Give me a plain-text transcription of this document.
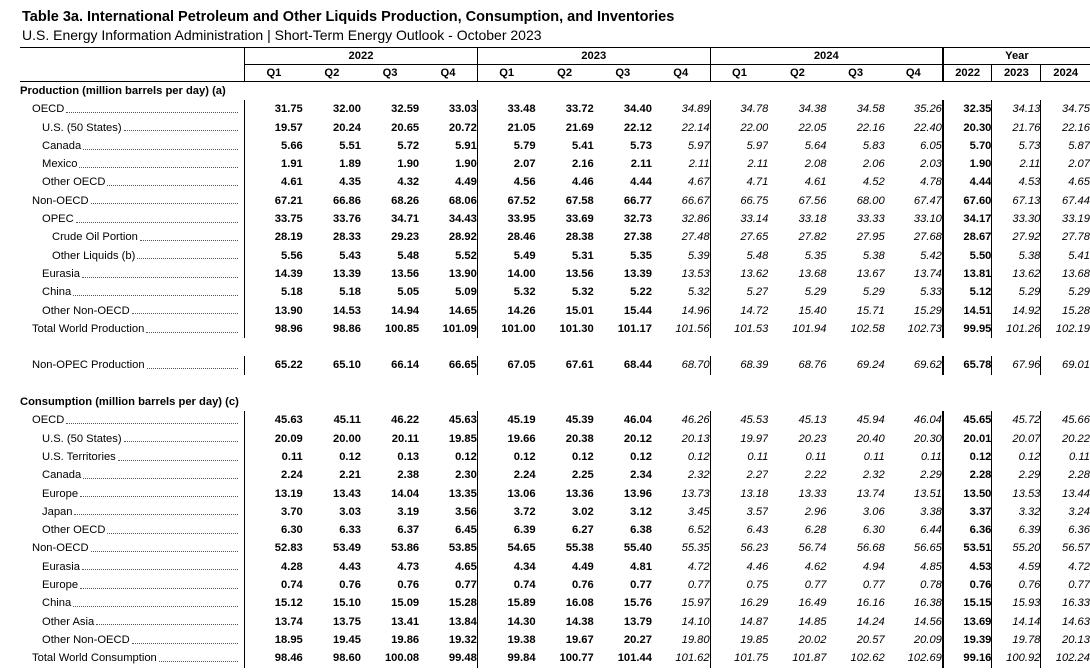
Table 3a. International Petroleum and Other Liquids Production, Consumption, and Inventories
U.S. Energy Information Administration | Short-Term Energy Outlook - October 2023
	2022				2023				2024				Year		
	Q1	Q2	Q3	Q4	Q1	Q2	Q3	Q4	Q1	Q2	Q3	Q4	2022	2023	2024
Production (million barrels per day) (a)															

OECD	31.75	32.00	32.59	33.03	33.48	33.72	34.40	34.89	34.78	34.38	34.58	35.26	32.35	34.13	34.75

U.S. (50 States)	19.57	20.24	20.65	20.72	21.05	21.69	22.12	22.14	22.00	22.05	22.16	22.40	20.30	21.76	22.16

Canada	5.66	5.51	5.72	5.91	5.79	5.41	5.73	5.97	5.97	5.64	5.83	6.05	5.70	5.73	5.87

Mexico	1.91	1.89	1.90	1.90	2.07	2.16	2.11	2.11	2.11	2.08	2.06	2.03	1.90	2.11	2.07

Other OECD	4.61	4.35	4.32	4.49	4.56	4.46	4.44	4.67	4.71	4.61	4.52	4.78	4.44	4.53	4.65

Non-OECD	67.21	66.86	68.26	68.06	67.52	67.58	66.77	66.67	66.75	67.56	68.00	67.47	67.60	67.13	67.44

OPEC	33.75	33.76	34.71	34.43	33.95	33.69	32.73	32.86	33.14	33.18	33.33	33.10	34.17	33.30	33.19

Crude Oil Portion	28.19	28.33	29.23	28.92	28.46	28.38	27.38	27.48	27.65	27.82	27.95	27.68	28.67	27.92	27.78

Other Liquids (b)	5.56	5.43	5.48	5.52	5.49	5.31	5.35	5.39	5.48	5.35	5.38	5.42	5.50	5.38	5.41

Eurasia	14.39	13.39	13.56	13.90	14.00	13.56	13.39	13.53	13.62	13.68	13.67	13.74	13.81	13.62	13.68

China	5.18	5.18	5.05	5.09	5.32	5.32	5.22	5.32	5.27	5.29	5.29	5.33	5.12	5.29	5.29

Other Non-OECD	13.90	14.53	14.94	14.65	14.26	15.01	15.44	14.96	14.72	15.40	15.71	15.29	14.51	14.92	15.28

Total World Production	98.96	98.86	100.85	101.09	101.00	101.30	101.17	101.56	101.53	101.94	102.58	102.73	99.95	101.26	102.19

Non-OPEC Production	65.22	65.10	66.14	66.65	67.05	67.61	68.44	68.70	68.39	68.76	69.24	69.62	65.78	67.96	69.01

Consumption (million barrels per day) (c)															

OECD	45.63	45.11	46.22	45.63	45.19	45.39	46.04	46.26	45.53	45.13	45.94	46.04	45.65	45.72	45.66

U.S. (50 States)	20.09	20.00	20.11	19.85	19.66	20.38	20.12	20.13	19.97	20.23	20.40	20.30	20.01	20.07	20.22

U.S. Territories	0.11	0.12	0.13	0.12	0.12	0.12	0.12	0.12	0.11	0.11	0.11	0.11	0.12	0.12	0.11

Canada	2.24	2.21	2.38	2.30	2.24	2.25	2.34	2.32	2.27	2.22	2.32	2.29	2.28	2.29	2.28

Europe	13.19	13.43	14.04	13.35	13.06	13.36	13.96	13.73	13.18	13.33	13.74	13.51	13.50	13.53	13.44

Japan	3.70	3.03	3.19	3.56	3.72	3.02	3.12	3.45	3.57	2.96	3.06	3.38	3.37	3.32	3.24

Other OECD	6.30	6.33	6.37	6.45	6.39	6.27	6.38	6.52	6.43	6.28	6.30	6.44	6.36	6.39	6.36

Non-OECD	52.83	53.49	53.86	53.85	54.65	55.38	55.40	55.35	56.23	56.74	56.68	56.65	53.51	55.20	56.57

Eurasia	4.28	4.43	4.73	4.65	4.34	4.49	4.81	4.72	4.46	4.62	4.94	4.85	4.53	4.59	4.72

Europe	0.74	0.76	0.76	0.77	0.74	0.76	0.77	0.77	0.75	0.77	0.77	0.78	0.76	0.76	0.77

China	15.12	15.10	15.09	15.28	15.89	16.08	15.76	15.97	16.29	16.49	16.16	16.38	15.15	15.93	16.33

Other Asia	13.74	13.75	13.41	13.84	14.30	14.38	13.79	14.10	14.87	14.85	14.24	14.56	13.69	14.14	14.63

Other Non-OECD	18.95	19.45	19.86	19.32	19.38	19.67	20.27	19.80	19.85	20.02	20.57	20.09	19.39	19.78	20.13

Total World Consumption	98.46	98.60	100.08	99.48	99.84	100.77	101.44	101.62	101.75	101.87	102.62	102.69	99.16	100.92	102.24
